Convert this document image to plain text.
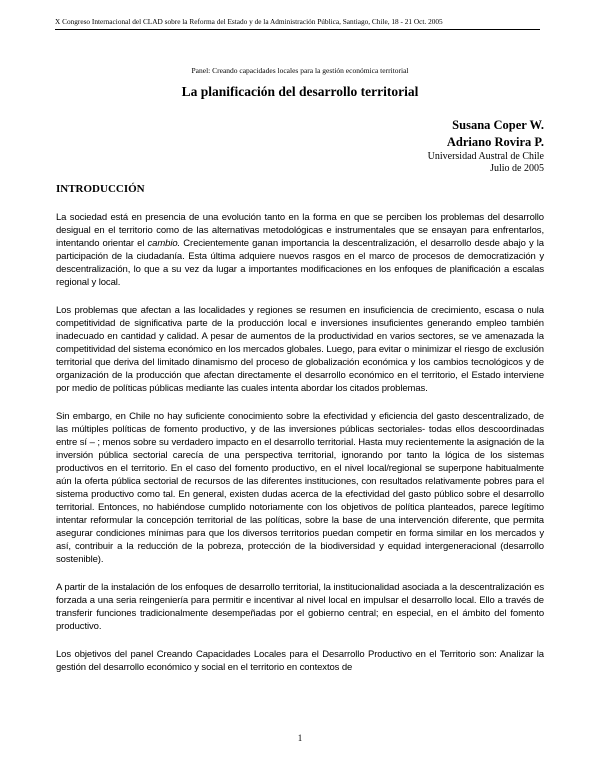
X Congreso Internacional del CLAD sobre la Reforma del Estado y de la Administración Pública, Santiago, Chile, 18 - 21 Oct. 2005
Panel: Creando capacidades locales para la gestión económica territorial
La planificación del desarrollo territorial
Susana Coper W.
Adriano Rovira P.
Universidad Austral de Chile
Julio de 2005
INTRODUCCIÓN

La sociedad está en presencia de una evolución tanto en la forma en que se perciben los problemas del desarrollo desigual en el territorio como de las alternativas metodológicas e instrumentales que se ensayan para enfrentarlos, intentando orientar el cambio. Crecientemente ganan importancia la descentralización, el desarrollo desde abajo y la participación de la ciudadanía. Esta última adquiere nuevos rasgos en el marco de procesos de democratización y descentralización, lo que a su vez da lugar a importantes modificaciones en los enfoques de planificación a escalas regional y local.

Los problemas que afectan a las localidades y regiones se resumen en insuficiencia de crecimiento, escasa o nula competitividad de significativa parte de la producción local e inversiones insuficientes generando empleo también inadecuado en cantidad y calidad. A pesar de aumentos de la productividad en varios sectores, se ve amenazada la competitividad del sistema económico en los mercados globales. Luego, para evitar o minimizar el riesgo de exclusión territorial que deriva del limitado dinamismo del proceso de globalización económica y los cambios tecnológicos y de organización de la producción que afectan directamente el desarrollo económico en el territorio, el Estado interviene por medio de políticas públicas mediante las cuales intenta abordar los citados problemas.

Sin embargo, en Chile no hay suficiente conocimiento sobre la efectividad y eficiencia del gasto descentralizado, de las múltiples políticas de fomento productivo, y de las inversiones públicas sectoriales- todas ellos descoordinadas entre sí – ; menos sobre su verdadero impacto en el desarrollo territorial. Hasta muy recientemente la asignación de la inversión pública sectorial carecía de una perspectiva territorial, ignorando por tanto la lógica de los sistemas productivos en el territorio. En el caso del fomento productivo, en el nivel local/regional se superpone habitualmente aún la oferta pública sectorial de recursos de las diferentes instituciones, con resultados relativamente pobres para el sistema productivo como tal. En general, existen dudas acerca de la efectividad del gasto público sobre el desarrollo territorial. Entonces, no habiéndose cumplido notoriamente con los objetivos de política planteados, parece legítimo intentar reformular la concepción territorial de las políticas, sobre la base de una intervención diferente, que permita asegurar condiciones mínimas para que los diversos territorios puedan competir en forma similar en los mercados y así, contribuir a la reducción de la pobreza, protección de la biodiversidad y equidad intergeneracional (desarrollo sostenible).

A partir de la instalación de los enfoques de desarrollo territorial, la institucionalidad asociada a la descentralización es forzada a una seria reingeniería para permitir e incentivar al nivel local en impulsar el desarrollo local. Ello a través de transferir funciones tradicionalmente desempeñadas por el gobierno central; en especial, en el ámbito del fomento productivo.

Los objetivos del panel Creando Capacidades Locales para el Desarrollo Productivo en el Territorio son: Analizar la gestión del desarrollo económico y social en el territorio en contextos de

1
